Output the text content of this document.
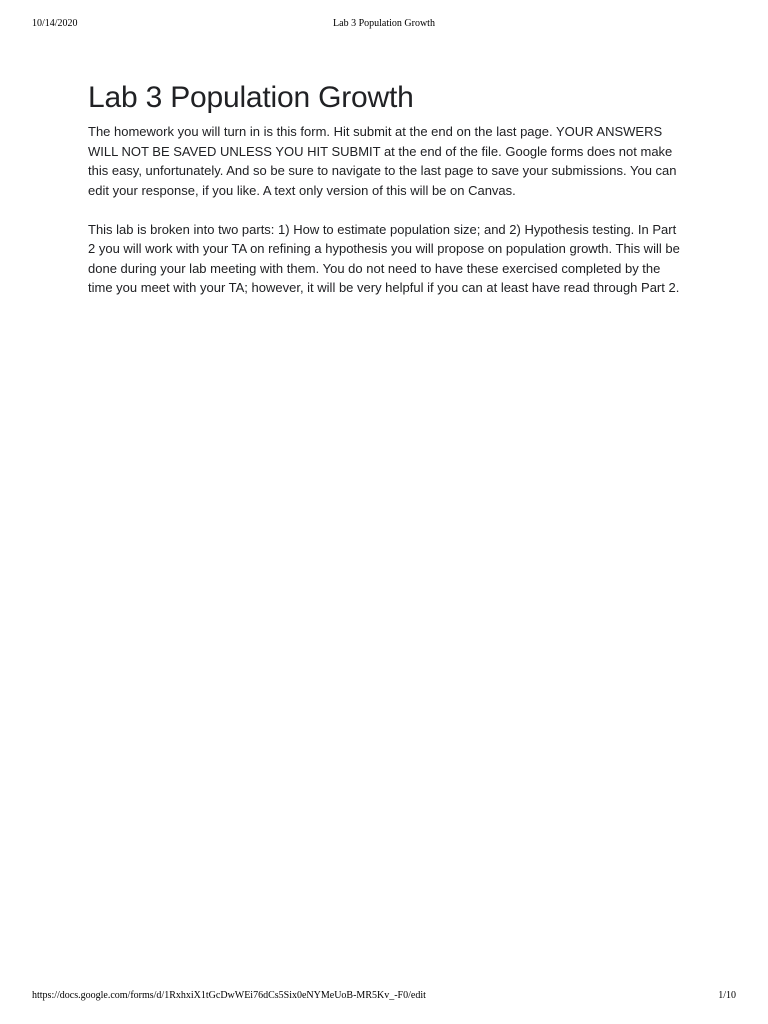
10/14/2020	Lab 3 Population Growth
Lab 3 Population Growth

The homework you will turn in is this form. Hit submit at the end on the last page. YOUR ANSWERS WILL NOT BE SAVED UNLESS YOU HIT SUBMIT at the end of the file. Google forms does not make this easy, unfortunately. And so be sure to navigate to the last page to save your submissions. You can edit your response, if you like. A text only version of this will be on Canvas.

This lab is broken into two parts: 1) How to estimate population size; and 2) Hypothesis testing. In Part 2 you will work with your TA on refining a hypothesis you will propose on population growth. This will be done during your lab meeting with them. You do not need to have these exercised completed by the time you meet with your TA; however, it will be very helpful if you can at least have read through Part 2.

https://docs.google.com/forms/d/1RxhxiX1tGcDwWEi76dCs5Six0eNYMeUoB-MR5Kv_-F0/edit	1/10
